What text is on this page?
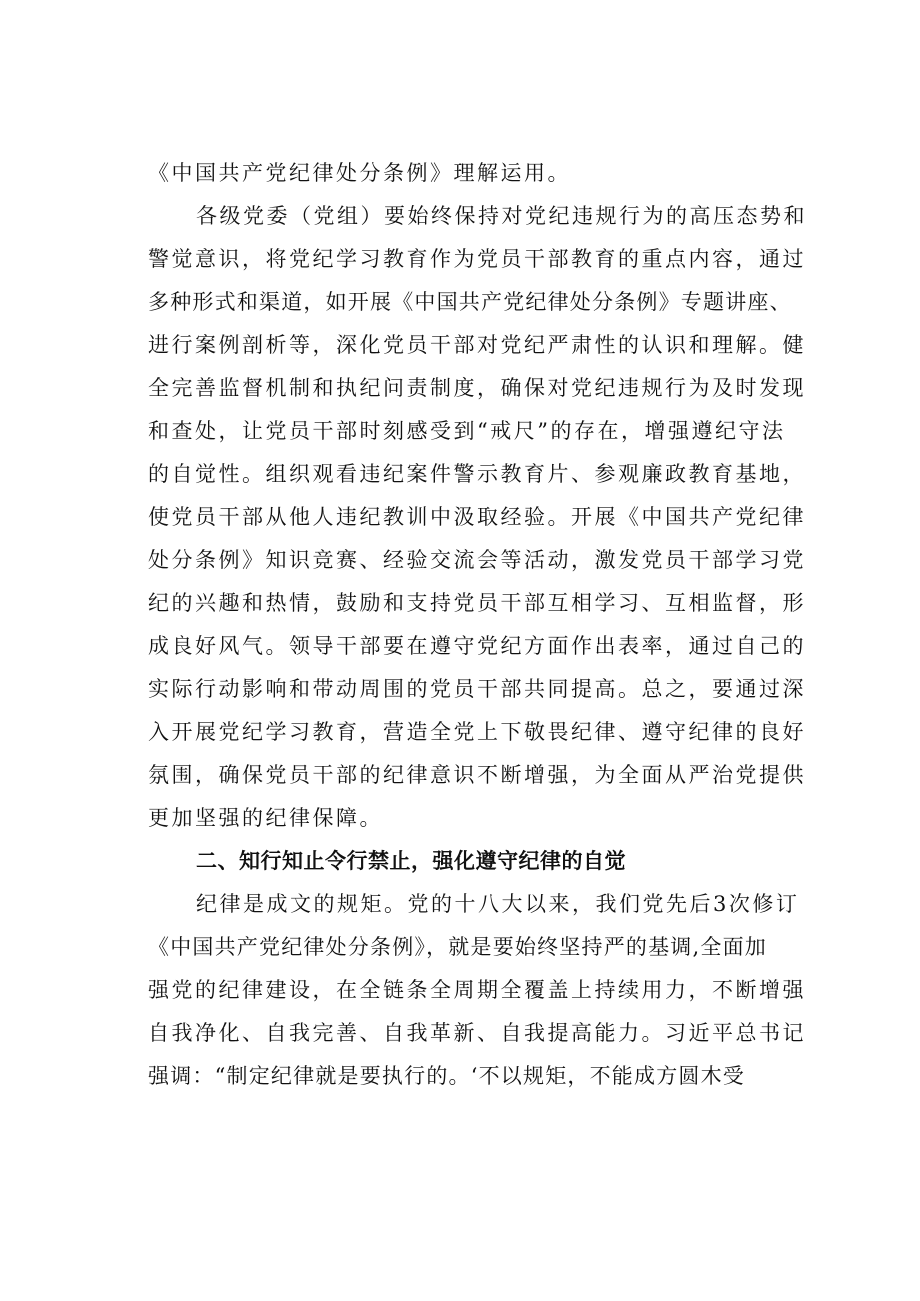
《中国共产党纪律处分条例》理解运用。
各级党委（党组）要始终保持对党纪违规行为的高压态势和
警觉意识，将党纪学习教育作为党员干部教育的重点内容，通过
多种形式和渠道，如开展《中国共产党纪律处分条例》专题讲座、
进行案例剖析等，深化党员干部对党纪严肃性的认识和理解。健
全完善监督机制和执纪问责制度，确保对党纪违规行为及时发现
和查处，让党员干部时刻感受到“戒尺”的存在，增强遵纪守法
的自觉性。组织观看违纪案件警示教育片、参观廉政教育基地，
使党员干部从他人违纪教训中汲取经验。开展《中国共产党纪律
处分条例》知识竞赛、经验交流会等活动，激发党员干部学习党
纪的兴趣和热情，鼓励和支持党员干部互相学习、互相监督，形
成良好风气。领导干部要在遵守党纪方面作出表率，通过自己的
实际行动影响和带动周围的党员干部共同提高。总之，要通过深
入开展党纪学习教育，营造全党上下敬畏纪律、遵守纪律的良好
氛围，确保党员干部的纪律意识不断增强，为全面从严治党提供
更加坚强的纪律保障。
二、知行知止令行禁止，强化遵守纪律的自觉
纪律是成文的规矩。党的十八大以来，我们党先后3次修订
《中国共产党纪律处分条例》，就是要始终坚持严的基调,全面加
强党的纪律建设，在全链条全周期全覆盖上持续用力，不断增强
自我净化、自我完善、自我革新、自我提高能力。习近平总书记
强调：“制定纪律就是要执行的。‘不以规矩，不能成方圆木受
